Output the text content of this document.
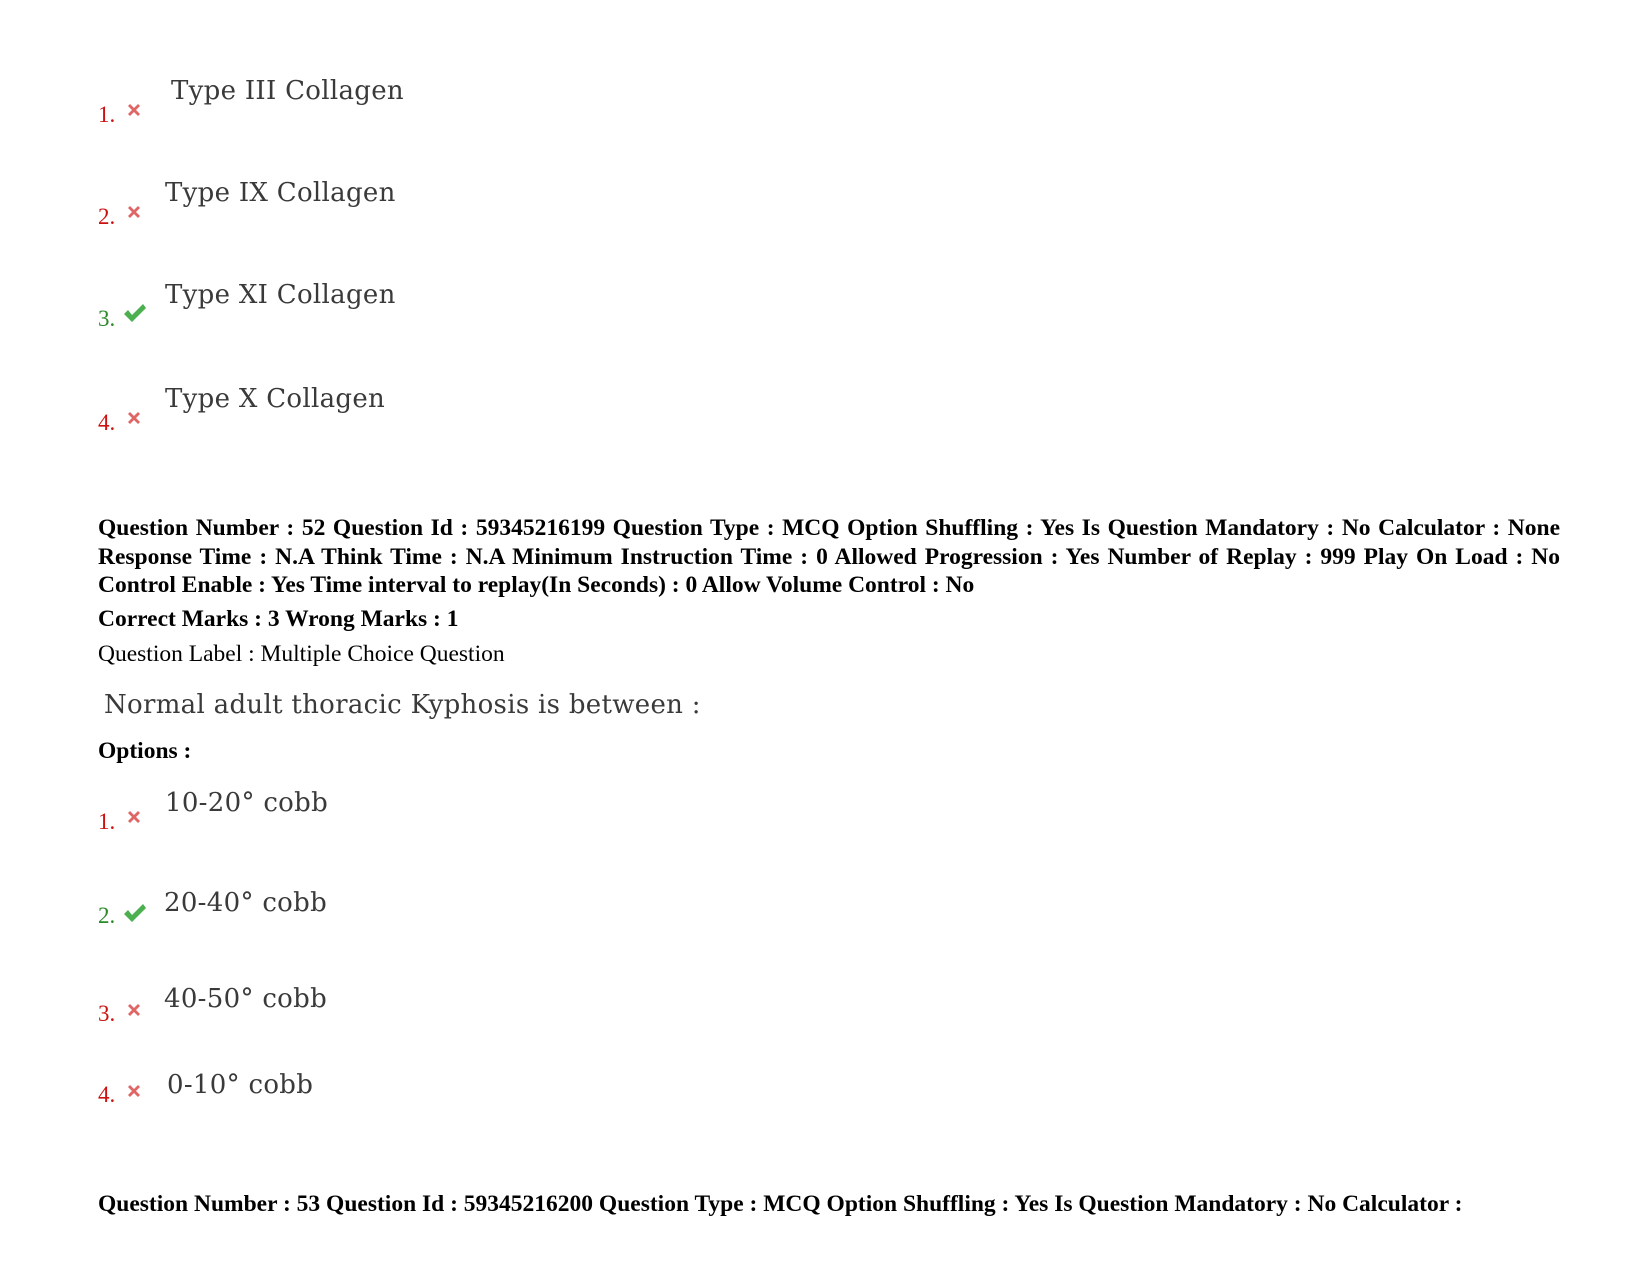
1.
Type III Collagen
2.
Type IX Collagen
3.
Type XI Collagen
4.
Type X Collagen
Question Number : 52 Question Id : 59345216199 Question Type : MCQ Option Shuffling : Yes Is Question Mandatory : No Calculator : None Response Time : N.A Think Time : N.A Minimum Instruction Time : 0 Allowed Progression : Yes Number of Replay : 999 Play On Load : No Control Enable : Yes Time interval to replay(In Seconds) : 0 Allow Volume Control : No
Correct Marks : 3 Wrong Marks : 1
Question Label : Multiple Choice Question
Normal adult thoracic Kyphosis is between :
Options :
1.
10-20° cobb
2. 20-40° cobb
3. 40-50° cobb
4. 0-10° cobb
Question Number : 53 Question Id : 59345216200 Question Type : MCQ Option Shuffling : Yes Is Question Mandatory : No Calculator :
